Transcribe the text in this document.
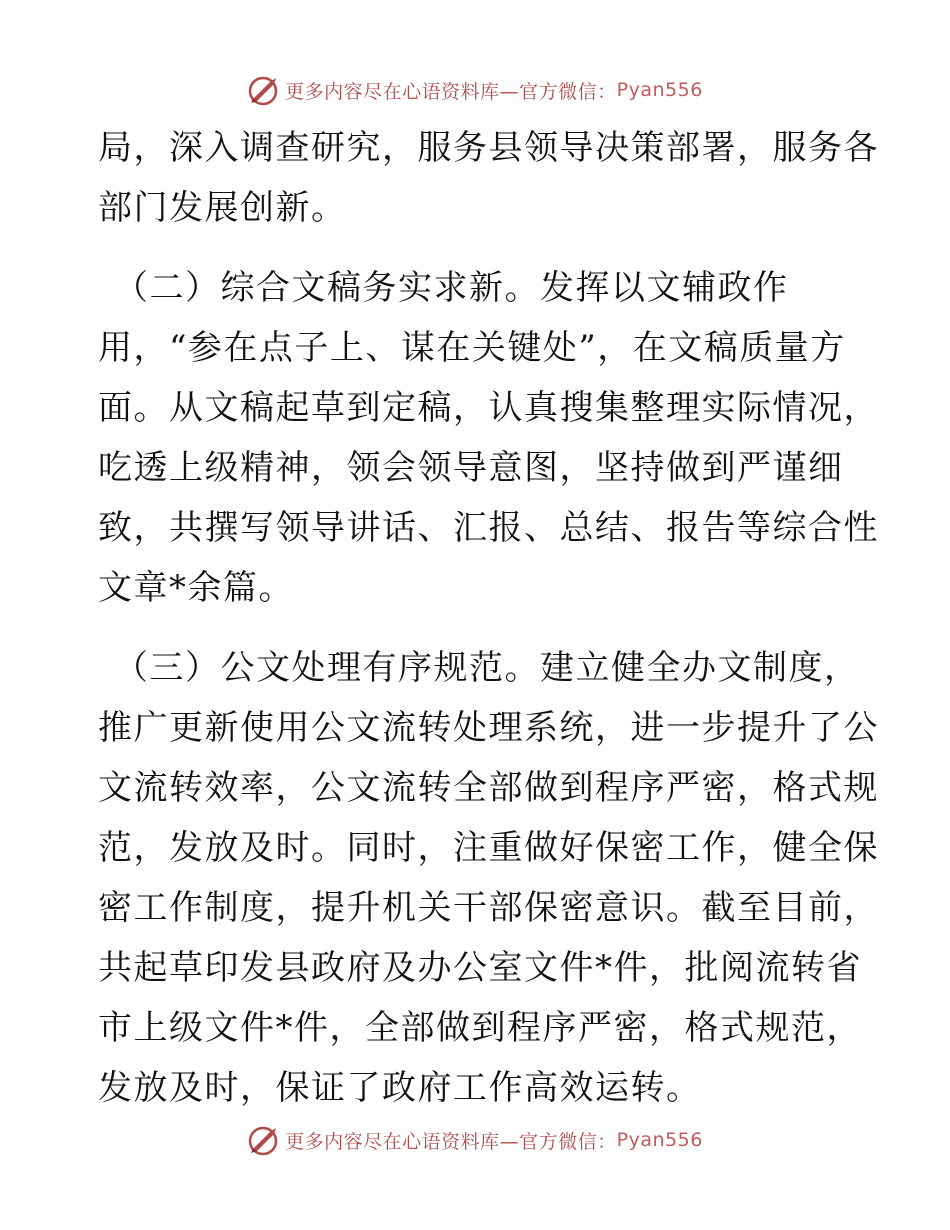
更多内容尽在心语资料库—官方微信： Pyan556
局，深入调查研究，服务县领导决策部署，服务各
部门发展创新。
（二）综合文稿务实求新。发挥以文辅政作
用，“参在点子上、谋在关键处”，在文稿质量方
面。从文稿起草到定稿，认真搜集整理实际情况，
吃透上级精神，领会领导意图，坚持做到严谨细
致，共撰写领导讲话、汇报、总结、报告等综合性
文章*余篇。
（三）公文处理有序规范。建立健全办文制度，
推广更新使用公文流转处理系统，进一步提升了公
文流转效率，公文流转全部做到程序严密，格式规
范，发放及时。同时，注重做好保密工作，健全保
密工作制度，提升机关干部保密意识。截至目前，
共起草印发县政府及办公室文件*件，批阅流转省
市上级文件*件，全部做到程序严密，格式规范，
发放及时，保证了政府工作高效运转。
更多内容尽在心语资料库—官方微信： Pyan556
